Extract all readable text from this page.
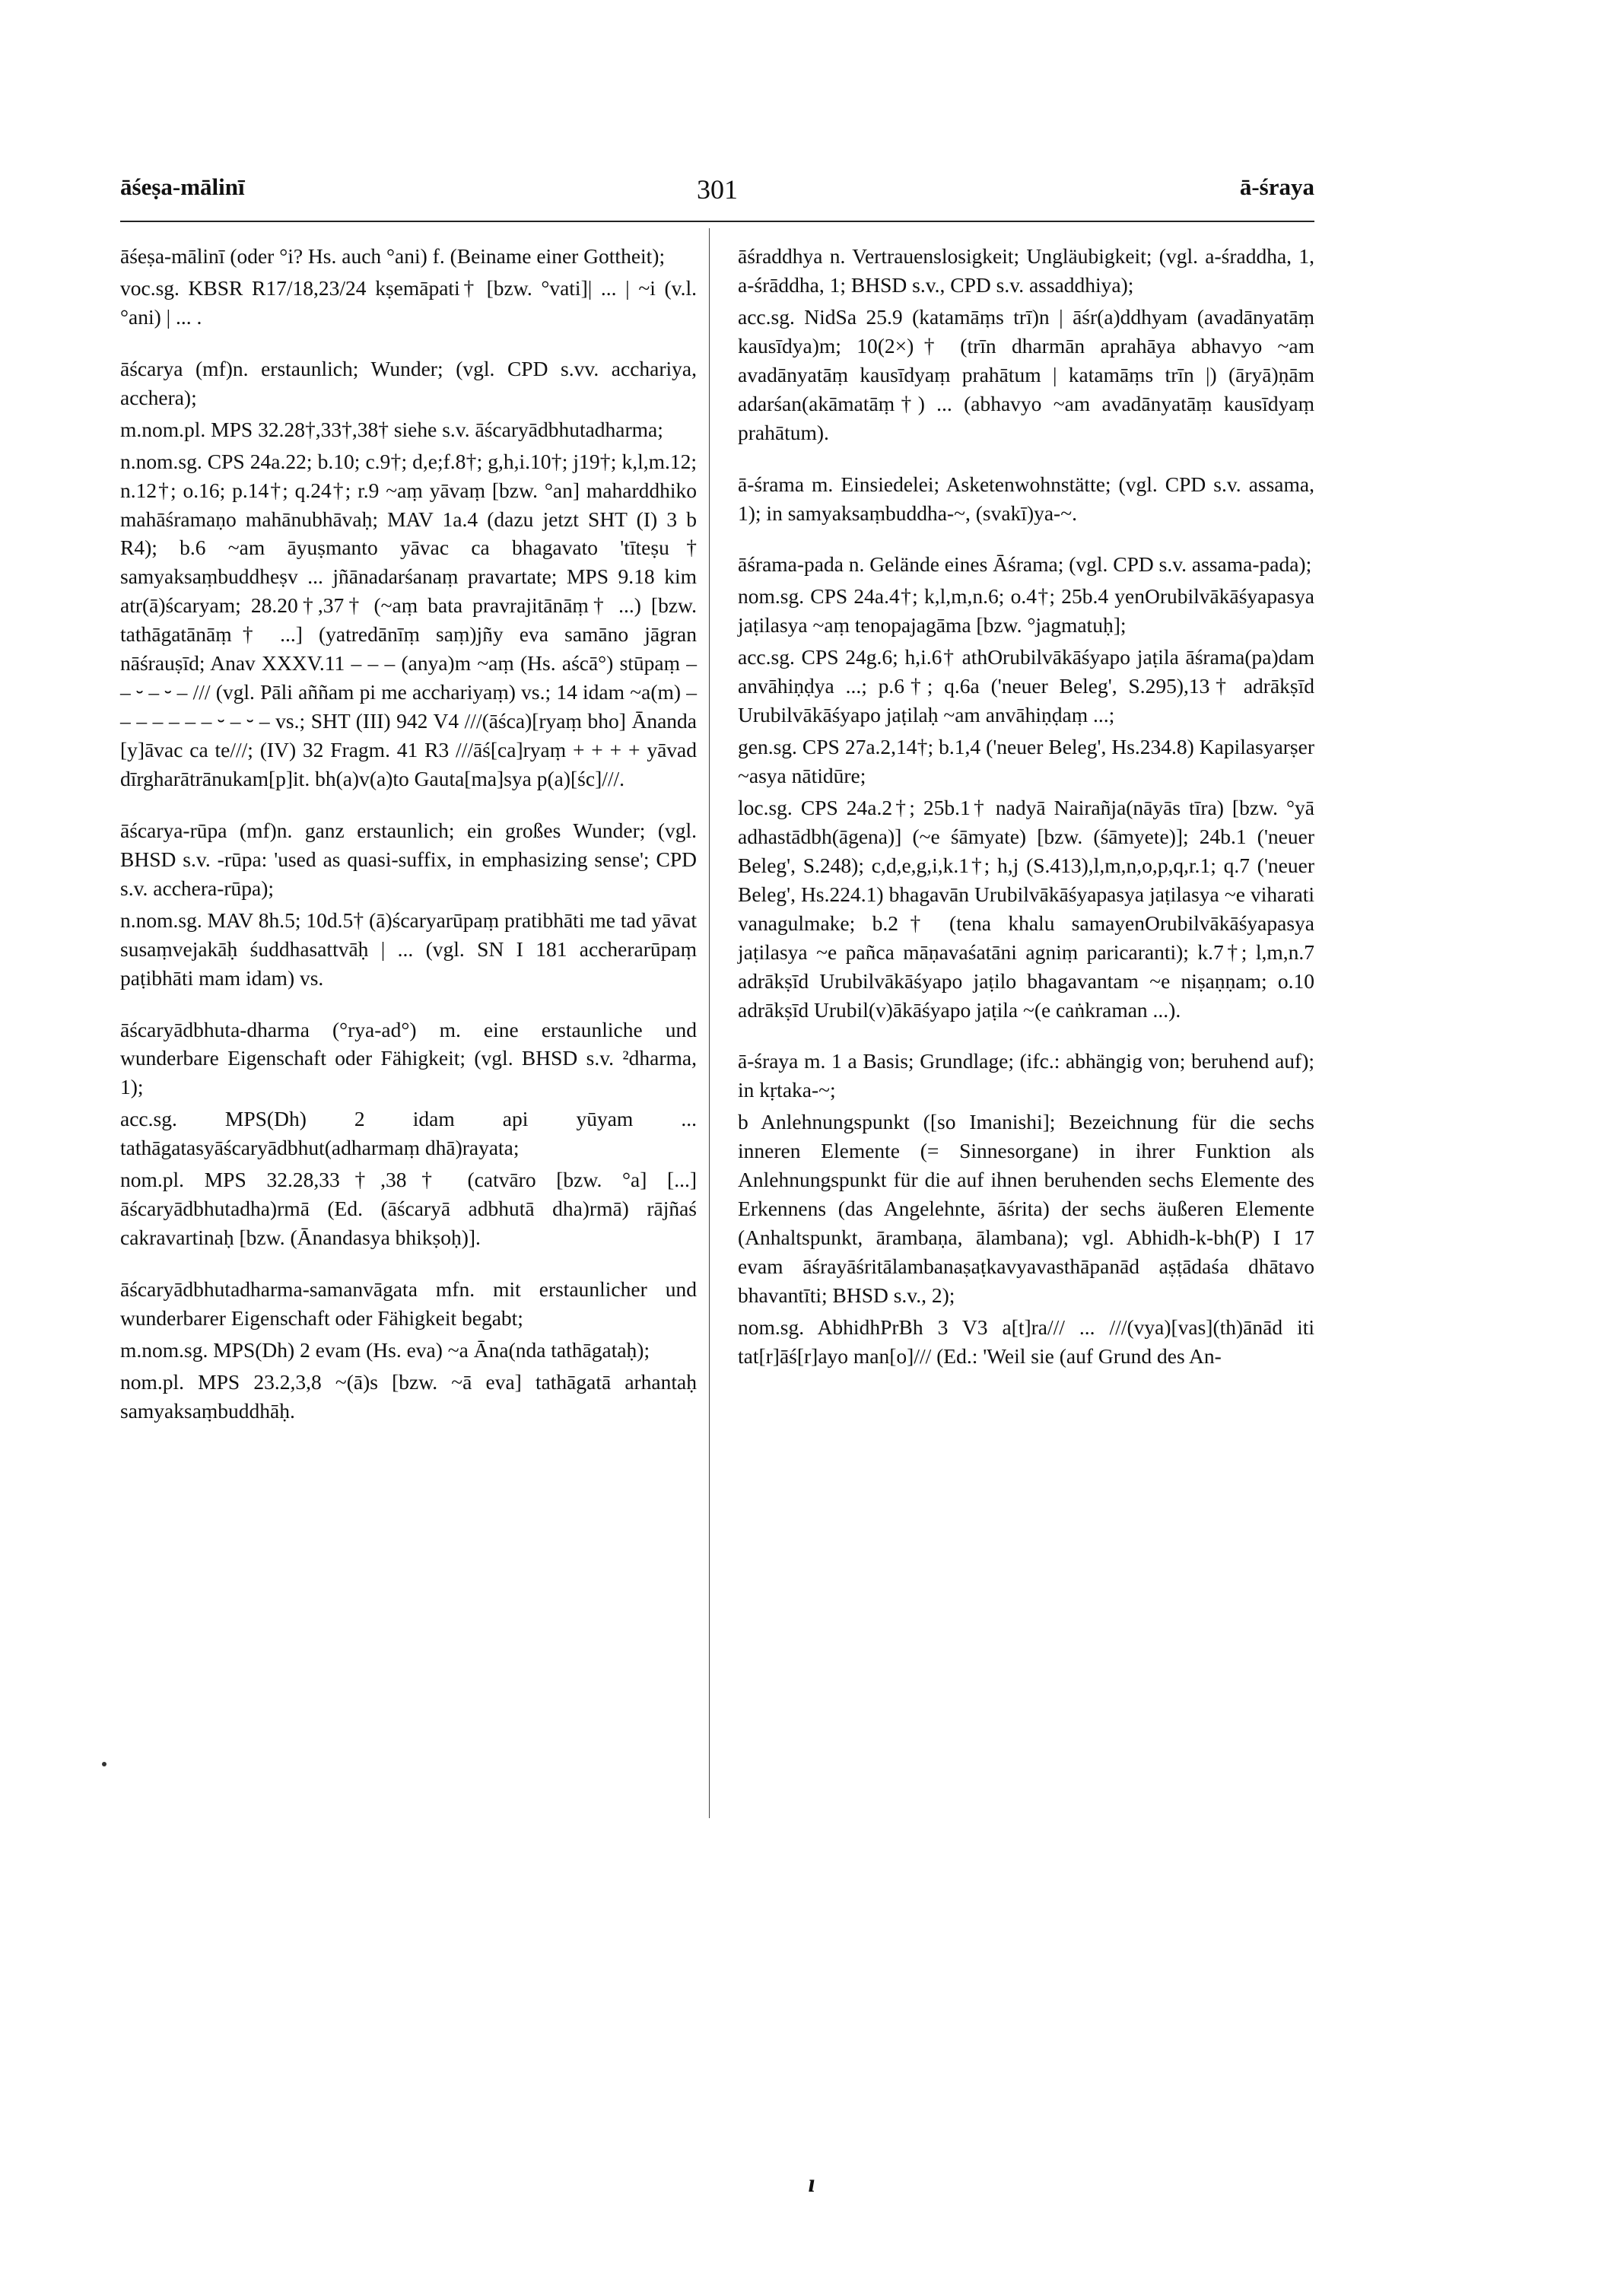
āśeṣa-mālinī	301	ā-śraya

āśeṣa-mālinī (oder °i? Hs. auch °ani) f. (Beiname einer Gottheit);

voc.sg. KBSR R17/18,23/24 kṣemāpati† [bzw. °vati]| ... | ~i (v.l. °ani) | ... .

āścarya (mf)n. erstaunlich; Wunder; (vgl. CPD s.vv. acchariya, acchera);

m.nom.pl. MPS 32.28†,33†,38† siehe s.v. āścaryādbhutadharma;

n.nom.sg. CPS 24a.22; b.10; c.9†; d,e;f.8†; g,h,i.10†; j19†; k,l,m.12; n.12†; o.16; p.14†; q.24†; r.9 ~aṃ yāvaṃ [bzw. °an] maharddhiko mahāśramaṇo mahānubhāvaḥ; MAV 1a.4 (dazu jetzt SHT (I) 3 b R4); b.6 ~am āyuṣmanto yāvac ca bhagavato 'tīteṣu† samyaksaṃbuddheṣv ... jñānadarśanaṃ pravartate; MPS 9.18 kim atr(ā)ścaryam; 28.20†,37† (~aṃ bata pravrajitānāṃ† ...) [bzw. tathāgatānāṃ† ...] (yatredānīṃ saṃ)jñy eva samāno jāgran nāśrauṣīd; Anav XXXV.11 – – – (anya)m ~aṃ (Hs. aścā°) stūpaṃ – – ⏑ – ⏑ – /// (vgl. Pāli aññam pi me acchariyaṃ) vs.; 14 idam ~a(m) – – – – – – – ⏑ – ⏑ – vs.; SHT (III) 942 V4 ///(āśca)[ryaṃ bho] Ānanda [y]āvac ca te///; (IV) 32 Fragm. 41 R3 ///āś[ca]ryaṃ + + + + yāvad dīrgharātrānukam[p]it. bh(a)v(a)to Gauta[ma]sya p(a)[śc]///.

āścarya-rūpa (mf)n. ganz erstaunlich; ein großes Wunder; (vgl. BHSD s.v. -rūpa: 'used as quasi-suffix, in emphasizing sense'; CPD s.v. acchera-rūpa);

n.nom.sg. MAV 8h.5; 10d.5† (ā)ścaryarūpaṃ pratibhāti me tad yāvat susaṃvejakāḥ śuddhasattvāḥ | ... (vgl. SN I 181 accherarūpaṃ paṭibhāti mam idam) vs.

āścaryādbhuta-dharma (°rya-ad°) m. eine erstaunliche und wunderbare Eigenschaft oder Fähigkeit; (vgl. BHSD s.v. ²dharma, 1);

acc.sg. MPS(Dh) 2 idam api yūyam ... tathāgatasyāścaryādbhut(adharmaṃ dhā)rayata;

nom.pl. MPS 32.28,33†,38† (catvāro [bzw. °a] [...] āścaryādbhutadha)rmā (Ed. (āścaryā adbhutā dha)rmā) rājñaś cakravartinaḥ [bzw. (Ānandasya bhikṣoḥ)].

āścaryādbhutadharma-samanvāgata mfn. mit erstaunlicher und wunderbarer Eigenschaft oder Fähigkeit begabt;

m.nom.sg. MPS(Dh) 2 evam (Hs. eva) ~a Āna(nda tathāgataḥ);

nom.pl. MPS 23.2,3,8 ~(ā)s [bzw. ~ā eva] tathāgatā arhantaḥ samyaksaṃbuddhāḥ.

āśraddhya n. Vertrauenslosigkeit; Ungläubigkeit; (vgl. a-śraddha, 1, a-śrāddha, 1; BHSD s.v., CPD s.v. assaddhiya);

acc.sg. NidSa 25.9 (katamāṃs trī)n | āśr(a)ddhyam (avadānyatāṃ kausīdya)m; 10(2×)† (trīn dharmān aprahāya abhavyo ~am avadānyatāṃ kausīdyaṃ prahātum | katamāṃs trīn |) (āryā)ṇām adarśan(akāmatāṃ†) ... (abhavyo ~am avadānyatāṃ kausīdyaṃ prahātum).

ā-śrama m. Einsiedelei; Asketenwohnstätte; (vgl. CPD s.v. assama, 1); in samyaksaṃbuddha-~, (svakī)ya-~.

āśrama-pada n. Gelände eines Āśrama; (vgl. CPD s.v. assama-pada);

nom.sg. CPS 24a.4†; k,l,m,n.6; o.4†; 25b.4 yenOrubilvākāśyapasya jaṭilasya ~aṃ tenopajagāma [bzw. °jagmatuḥ];

acc.sg. CPS 24g.6; h,i.6† athOrubilvākāśyapo jaṭila āśrama(pa)dam anvāhiṇḍya ...; p.6†; q.6a ('neuer Beleg', S.295),13† adrākṣīd Urubilvākāśyapo jaṭilaḥ ~am anvāhiṇḍaṃ ...;

gen.sg. CPS 27a.2,14†; b.1,4 ('neuer Beleg', Hs.234.8) Kapilasyarṣer ~asya nātidūre;

loc.sg. CPS 24a.2†; 25b.1† nadyā Nairañja(nāyās tīra) [bzw. °yā adhastādbh(āgena)] (~e śāmyate) [bzw. (śāmyete)]; 24b.1 ('neuer Beleg', S.248); c,d,e,g,i,k.1†; h,j (S.413),l,m,n,o,p,q,r.1; q.7 ('neuer Beleg', Hs.224.1) bhagavān Urubilvākāśyapasya jaṭilasya ~e viharati vanagulmake; b.2† (tena khalu samayenOrubilvākāśyapasya jaṭilasya ~e pañca māṇavaśatāni agniṃ paricaranti); k.7†; l,m,n.7 adrākṣīd Urubilvākāśyapo jaṭilo bhagavantam ~e niṣaṇṇam; o.10 adrākṣīd Urubil(v)ākāśyapo jaṭila ~(e caṅkraman ...).

ā-śraya m. 1 a Basis; Grundlage; (ifc.: abhängig von; beruhend auf); in kṛtaka-~;

b Anlehnungspunkt ([so Imanishi]; Bezeichnung für die sechs inneren Elemente (= Sinnesorgane) in ihrer Funktion als Anlehnungspunkt für die auf ihnen beruhenden sechs Elemente des Erkennens (das Angelehnte, āśrita) der sechs äußeren Elemente (Anhaltspunkt, ārambaṇa, ālambana); vgl. Abhidh-k-bh(P) I 17 evam āśrayāśritālambanaṣaṭkavyavasthāpanād aṣṭādaśa dhātavo bhavantīti; BHSD s.v., 2);

nom.sg. AbhidhPrBh 3 V3 a[t]ra/// ... ///(vya)[vas](th)ānād iti tat[r]āś[r]ayo man[o]/// (Ed.: 'Weil sie (auf Grund des An-

ɪ
